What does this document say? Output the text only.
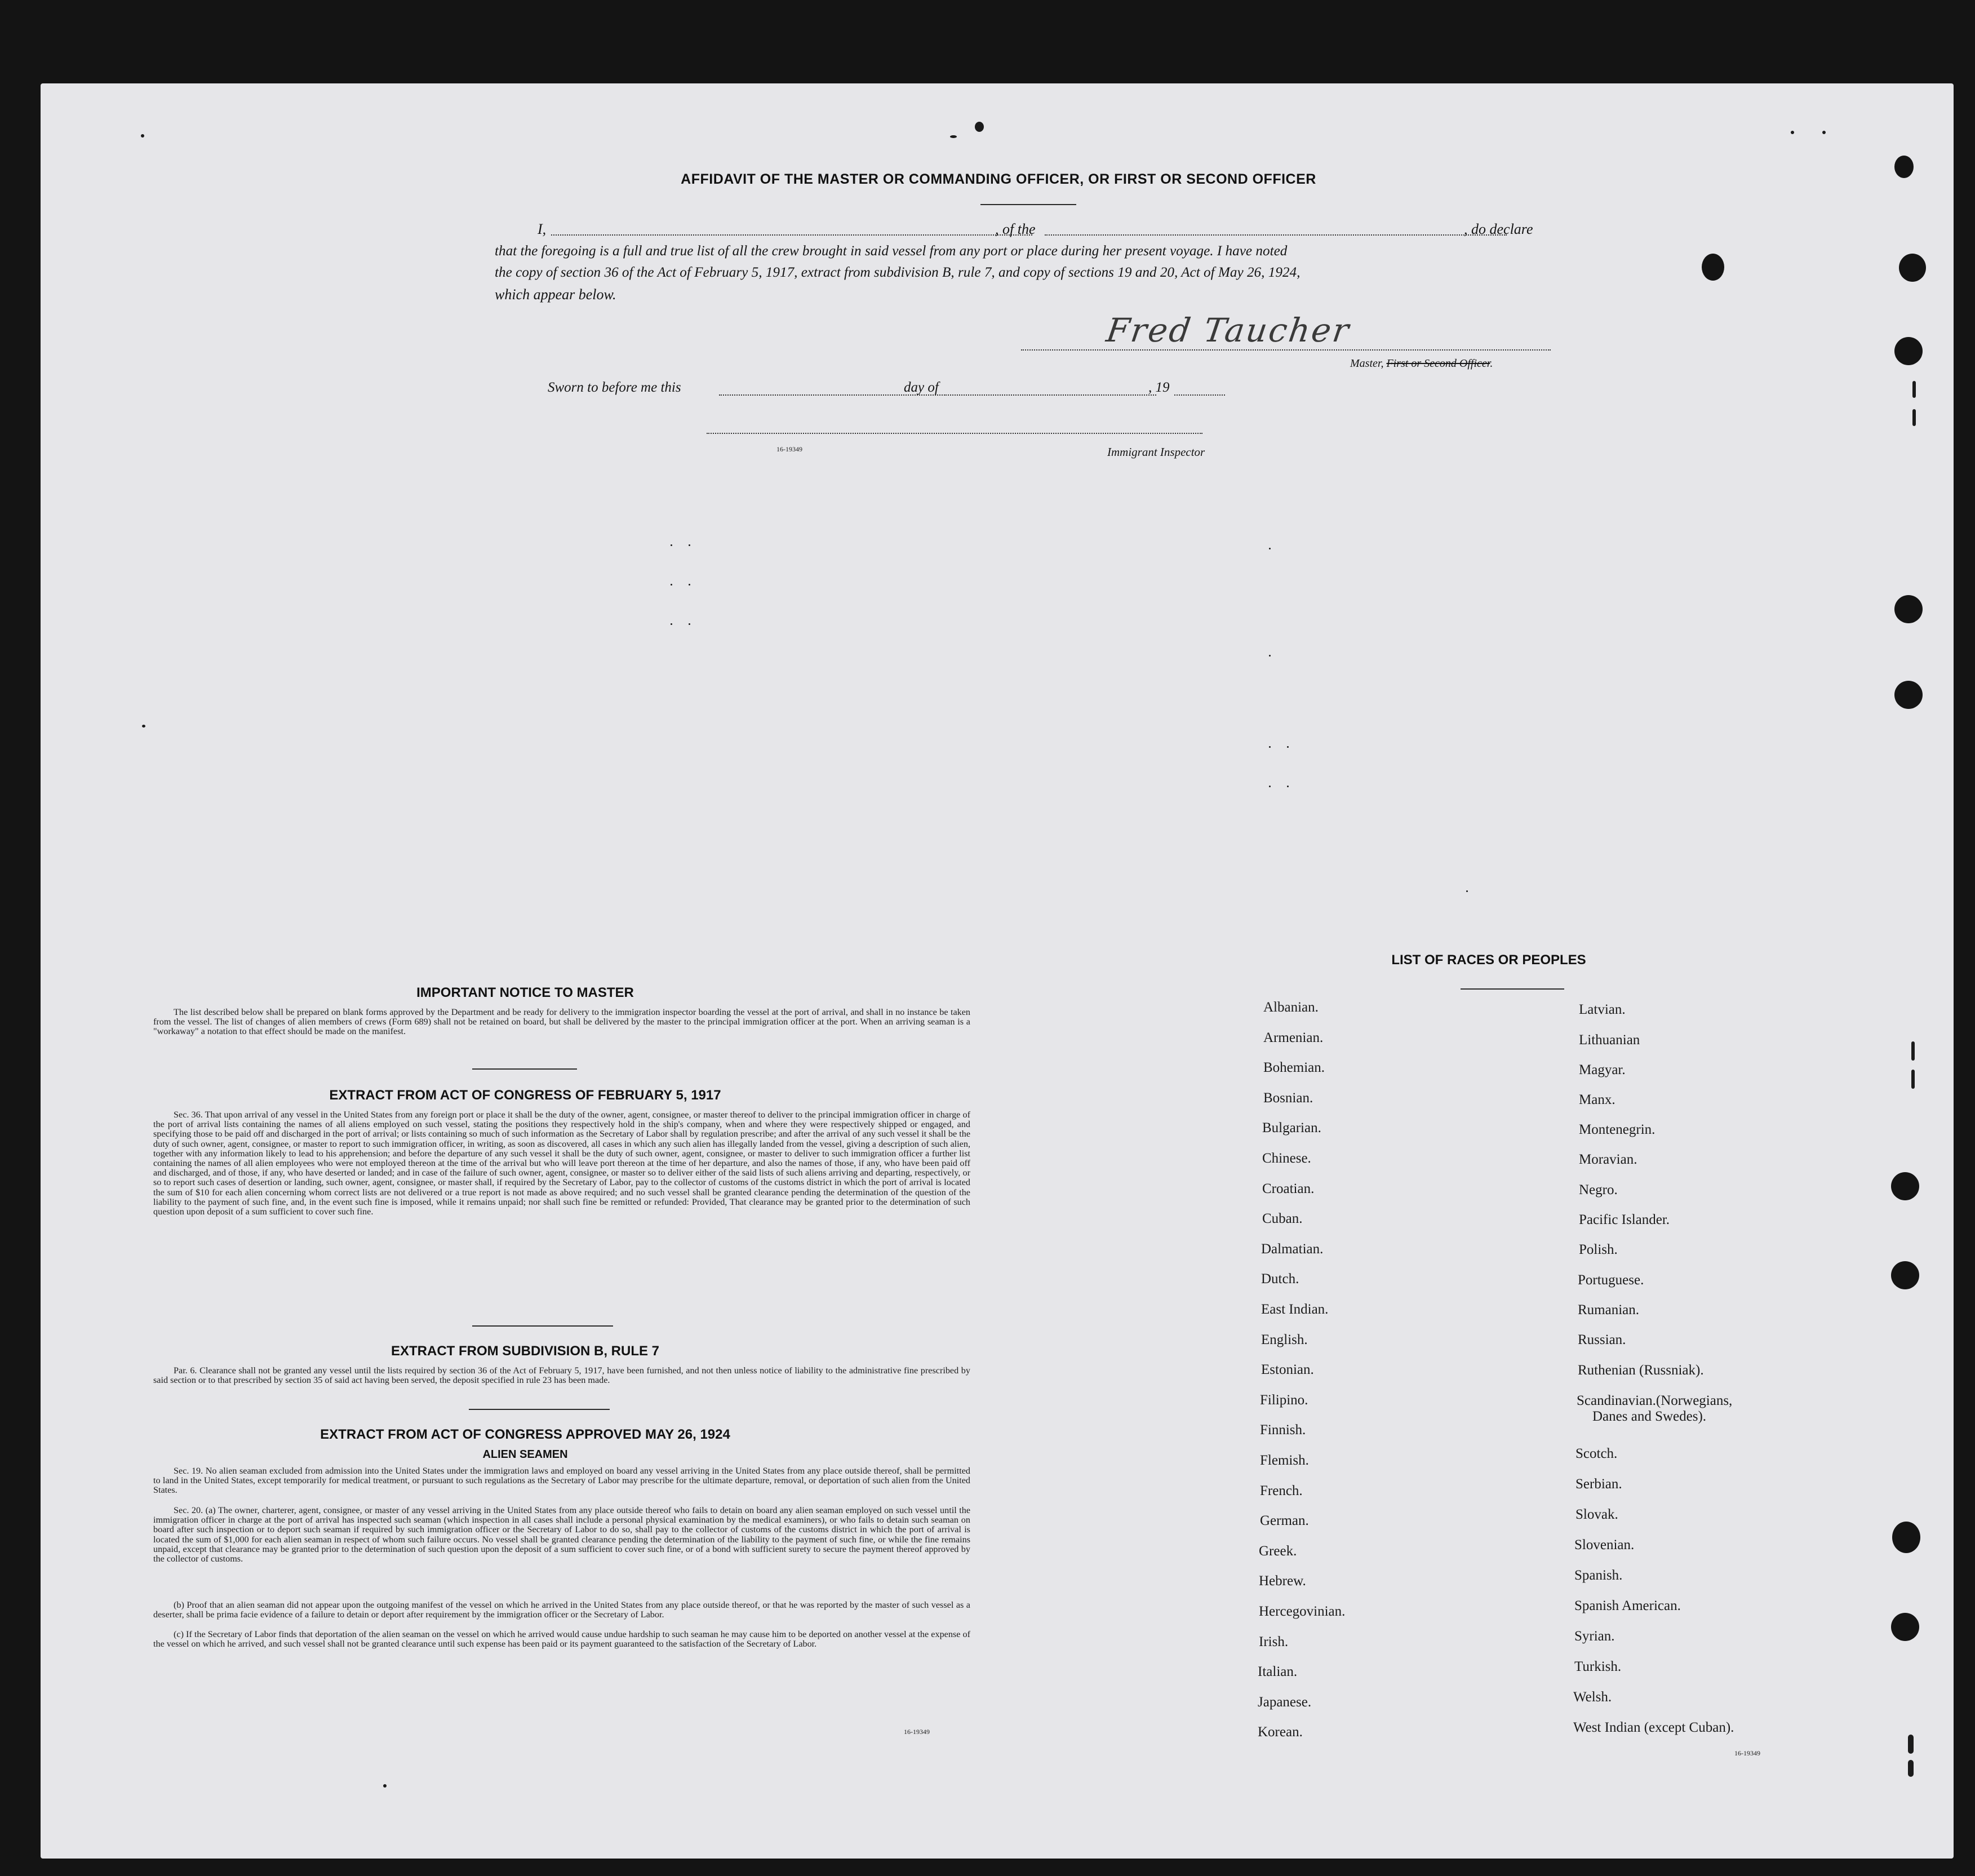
AFFIDAVIT OF THE MASTER OR COMMANDING OFFICER, OR FIRST OR SECOND OFFICER
I,	, of the	, do declare
that the foregoing is a full and true list of all the crew brought in said vessel from any port or place during her present voyage. I have noted
the copy of section 36 of the Act of February 5, 1917, extract from subdivision B, rule 7, and copy of sections 19 and 20, Act of May 26, 1924,
which appear below.
Fred Taucher
Master, First or Second Officer.
Sworn to before me this	day of	, 19
16-19349	Immigrant Inspector
IMPORTANT NOTICE TO MASTER
The list described below shall be prepared on blank forms approved by the Department and be ready for delivery to the immigration inspector boarding the vessel at the port of arrival, and shall in no instance be taken from the vessel. The list of changes of alien members of crews (Form 689) shall not be retained on board, but shall be delivered by the master to the principal immigration officer at the port. When an arriving seaman is a "workaway" a notation to that effect should be made on the manifest.
EXTRACT FROM ACT OF CONGRESS OF FEBRUARY 5, 1917
Sec. 36. That upon arrival of any vessel in the United States from any foreign port or place it shall be the duty of the owner, agent, consignee, or master thereof to deliver to the principal immigration officer in charge of the port of arrival lists containing the names of all aliens employed on such vessel, stating the positions they respectively hold in the ship's company, when and where they were respectively shipped or engaged, and specifying those to be paid off and discharged in the port of arrival; or lists containing so much of such information as the Secretary of Labor shall by regulation prescribe; and after the arrival of any such vessel it shall be the duty of such owner, agent, consignee, or master to report to such immigration officer, in writing, as soon as discovered, all cases in which any such alien has illegally landed from the vessel, giving a description of such alien, together with any information likely to lead to his apprehension; and before the departure of any such vessel it shall be the duty of such owner, agent, consignee, or master to deliver to such immigration officer a further list containing the names of all alien employees who were not employed thereon at the time of the arrival but who will leave port thereon at the time of her departure, and also the names of those, if any, who have been paid off and discharged, and of those, if any, who have deserted or landed; and in case of the failure of such owner, agent, consignee, or master so to deliver either of the said lists of such aliens arriving and departing, respectively, or so to report such cases of desertion or landing, such owner, agent, consignee, or master shall, if required by the Secretary of Labor, pay to the collector of customs of the customs district in which the port of arrival is located the sum of $10 for each alien concerning whom correct lists are not delivered or a true report is not made as above required; and no such vessel shall be granted clearance pending the determination of the question of the liability to the payment of such fine, and, in the event such fine is imposed, while it remains unpaid; nor shall such fine be remitted or refunded: Provided, That clearance may be granted prior to the determination of such question upon deposit of a sum sufficient to cover such fine.
EXTRACT FROM SUBDIVISION B, RULE 7
Par. 6. Clearance shall not be granted any vessel until the lists required by section 36 of the Act of February 5, 1917, have been furnished, and not then unless notice of liability to the administrative fine prescribed by said section or to that prescribed by section 35 of said act having been served, the deposit specified in rule 23 has been made.
EXTRACT FROM ACT OF CONGRESS APPROVED MAY 26, 1924
ALIEN SEAMEN
Sec. 19. No alien seaman excluded from admission into the United States under the immigration laws and employed on board any vessel arriving in the United States from any place outside thereof, shall be permitted to land in the United States, except temporarily for medical treatment, or pursuant to such regulations as the Secretary of Labor may prescribe for the ultimate departure, removal, or deportation of such alien from the United States.
Sec. 20. (a) The owner, charterer, agent, consignee, or master of any vessel arriving in the United States from any place outside thereof who fails to detain on board any alien seaman employed on such vessel until the immigration officer in charge at the port of arrival has inspected such seaman (which inspection in all cases shall include a personal physical examination by the medical examiners), or who fails to detain such seaman on board after such inspection or to deport such seaman if required by such immigration officer or the Secretary of Labor to do so, shall pay to the collector of customs of the customs district in which the port of arrival is located the sum of $1,000 for each alien seaman in respect of whom such failure occurs. No vessel shall be granted clearance pending the determination of the liability to the payment of such fine, or while the fine remains unpaid, except that clearance may be granted prior to the determination of such question upon the deposit of a sum sufficient to cover such fine, or of a bond with sufficient surety to secure the payment thereof approved by the collector of customs.
(b) Proof that an alien seaman did not appear upon the outgoing manifest of the vessel on which he arrived in the United States from any place outside thereof, or that he was reported by the master of such vessel as a deserter, shall be prima facie evidence of a failure to detain or deport after requirement by the immigration officer or the Secretary of Labor.
(c) If the Secretary of Labor finds that deportation of the alien seaman on the vessel on which he arrived would cause undue hardship to such seaman he may cause him to be deported on another vessel at the expense of the vessel on which he arrived, and such vessel shall not be granted clearance until such expense has been paid or its payment guaranteed to the satisfaction of the Secretary of Labor.
16-19349
LIST OF RACES OR PEOPLES
16-19349
Albanian.
Armenian.
Bohemian.
Bosnian.
Bulgarian.
Chinese.
Croatian.
Cuban.
Dalmatian.
Dutch.
East Indian.
English.
Estonian.
Filipino.
Finnish.
Flemish.
French.
German.
Greek.
Hebrew.
Hercegovinian.
Irish.
Italian.
Japanese.
Korean.
Latvian.
Lithuanian
Magyar.
Manx.
Montenegrin.
Moravian.
Negro.
Pacific Islander.
Polish.
Portuguese.
Rumanian.
Russian.
Ruthenian (Russniak).
Scandinavian.(Norwegians,
Danes and Swedes).
Scotch.
Serbian.
Slovak.
Slovenian.
Spanish.
Spanish American.
Syrian.
Turkish.
Welsh.
West Indian (except Cuban).
